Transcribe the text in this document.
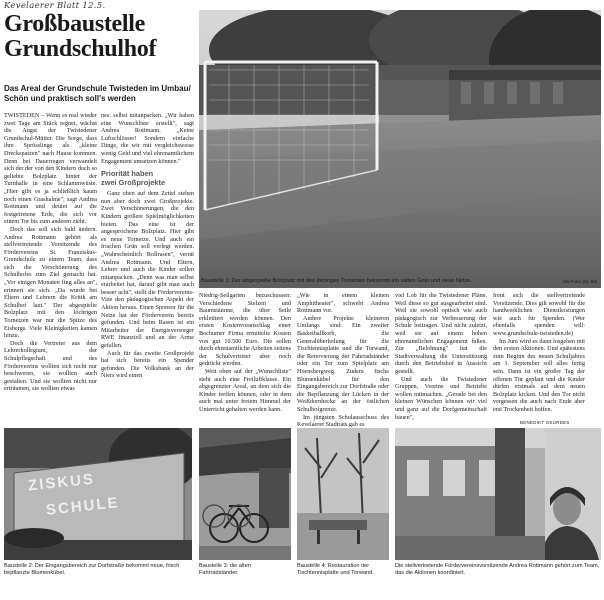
Kevelaerer Blatt 12.5.
Großbaustelle
Grundschulhof
Das Areal der Grundschule Twisteden im Umbau/ Schön und praktisch soll's werden

TWISTEDEN – Wenn es mal wieder zwei Tage am Stück regnet, wächst die Angst der Twistedener Grundschul-Mütter. Die Sorge, dass ihre Sprösslinge als „kleine Dreckspatzen" nach Hause kommen. Denn bei Dauerregen verwandelt sich der der von den Kindern doch so geliebte Bolzplatz hinter der Turnhalle in eine Schlammwüste. „Hier gibt es ja schließlich kaum noch einen Grashalme", sagt Andrea Rottmann und deutet auf die festgetretene Erde, die sich vor einem Tor bis zum anderen zieht.

Doch das soll sich bald ändern. Andrea Rottmann gehört als stellvertretende Vorsitzende des Fördervereins St. Franziskus-Grundschule zu einem Team, dass sich die Verschönerung des Schulhofes zum Ziel gemacht hat. „Vor einigen Monaten fing alles an", erinnert sie sich. „Da wurde bei Eltern und Lehrern die Kritik am Schulhof laut." Der abgespielte Bolzplatz mit den löchrigen Tornetzen war nur die Spitze des Eisbergs. Viele Kleinigkeiten kamen hinzu.

Doch die Vertreter aus dem Lehrerkollegium, der Schulpflegschaft und des Fördervereins wollten sich nicht nur beschweren, sie wollten auch gestalten. Und sie wollten nicht nur erträumen, sie wollten etwas

nes: selbst mitanpacken. „Wir haben eine Wunschliste erstellt", sagt Andrea Rottmann. „Keine Luftschlösser! Sondern einfache Dinge, die wir mit vergleichsweise wenig Geld und viel ehrenamtlichem Engagement umsetzen können."

Priorität haben
zwei Großprojekte

Ganz oben auf dem Zettel stehen nun aber doch zwei Großprojekte. Zwei Verschönerungen, die den Kindern größere Spielmöglichkeiten bieten. Das eine ist der angesprochene Bolzplatz. Hier gibt es neue Tornetze. Und auch ein frischen Grün soll verlegt werden. „Wahrscheinlich Rollrasen", verrät Andrea Rottmann. Und Eltern, Lehrer und auch die Kinder sollen mitanpacken. „Denn was man selbst erarbeitet hat, darauf gibt man auch besser acht", stellt die Fördervereins-Vize den pädagogischen Aspekt der Aktion heraus. Einen Sponsor für die Netze hat der Förderverein bereits gefunden. Und beim Rasen ist ein Mitarbeiter der Energieversorger RWE finanziell und an der Arme gefallen.

Auch für das zweite Großprojekt hat sich bereits ein Spender gefunden. Die Volksbank an der Niers wird einen

Baustelle 1: Der abgespielte Bolzplatz mit den löchrigen Tornetzen bekommt ein sattes Grün und neue Netze.	KB-Fotos (5): BG

Niedrig-Seilgarten bezuschussen: Verschiedene Stelzen und Baumstämme, die über Seile erkletttert werden können. Den ersten Kostenvoranschlag einer Bochumer Firma ermittelte Kosten von gut 10.500 Euro. Die sollen durch ehrenamtliche Arbeiten seitens der Schulvertreter aber noch gedrückt werden.

Weit oben auf der „Wunschliste" steht auch eine Freiluftklasse. Ein abgegrenzter Areal, an dem sich die Kinder treffen können, oder in dem auch mal unter freiem Himmel der Unterricht gehalten werden kann.

„Wie in einem kleinen Amphitheater", schwebt Andrea Rottmann vor.

Andere Projekte kleineren Umfangs sind: Ein zweiter Basketballkorb, die Generalüberholung für die Tischtennisplatte und die Torwand, die Renovierung der Fahrradständer oder ein Tor zum Spielplatz am Hoensbergweg. Zudem fische Blumenkübel für den Eingangsbereich zur Dorfstraße oder die Bepflanzung der Lücken in der Weißdornhecke an der östlichen Schulhofgrenze.

Im jüngsten Schulausschuss des Kevelaerer Stadtrats gab es

viel Lob für die Twistedener Pläne. Weil diese so gut ausgearbeitet sind. Weil sie sowohl optisch wie auch pädagogisch zur Verbesserung der Schule beitragen. Und nicht zuletzt, weil sie auf einem hohen ehrenamtlichen Engagement fußen. Zur „Belohnung" hat die Stadtverwaltung die Unterstützung durch den Betriebshof in Aussicht gestellt.

Und auch die Twistedener Gruppen, Vereine und Betriebe wollen mitmachen. „Gerade bei den kleinen Wünschen können wir viel und ganz auf die Dorfgemeinschaft bauen",

freut sich die stellvertretende Vorsitzende. Dies gilt sowohl für die handwerklichen Dienstleistungen wie auch für Spenden. (Wer ebenfalls spenden will: www.grundschule-twisteden.de)

Im Juni wird es dann losgehen mit den ersten Aktionen. Und spätestens zum Beginn des neuen Schuljahres am 1. September soll alles fertig sein. Dann ist ein großer Tag der offenen Tür geplant und die Kinder dürfen erstmals auf dem neuen Bolzplatz kicken. Und den Tor nicht vergessen die auch nach Ende aber erst Trockenheit hoffen.

BENEDIKT GEURDES
ZISKUS
SCHULE
Baustelle 2: Der Eingangsbereich zur Dorfstraße bekommt neue, frisch bepflanzte Blumenkübel.
Baustelle 3: die alten Fahrradständer.
Baustelle 4: Restauration der Tischtennisplatte und Torwand.
Die stellvertretende Fördervereinsvorsitzende Andrea Rottmann gehört zum Team, das die Aktionen koordiniert.
